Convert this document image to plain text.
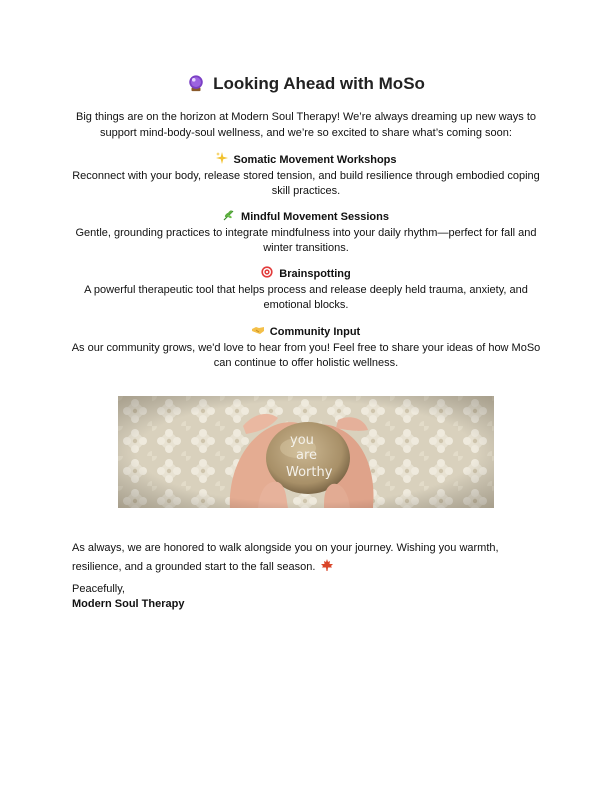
Looking Ahead with MoSo
Big things are on the horizon at Modern Soul Therapy! We’re always dreaming up new ways to support mind-body-soul wellness, and we’re so excited to share what’s coming soon:
Somatic Movement Workshops
Reconnect with your body, release stored tension, and build resilience through embodied coping skill practices.
Mindful Movement Sessions
Gentle, grounding practices to integrate mindfulness into your daily rhythm—perfect for fall and winter transitions.
Brainspotting
A powerful therapeutic tool that helps process and release deeply held trauma, anxiety, and emotional blocks.
Community Input
As our community grows, we'd love to hear from you! Feel free to share your ideas of how MoSo can continue to offer holistic wellness.
As always, we are honored to walk alongside you on your journey. Wishing you warmth, resilience, and a grounded start to the fall season.
Peacefully,
Modern Soul Therapy
